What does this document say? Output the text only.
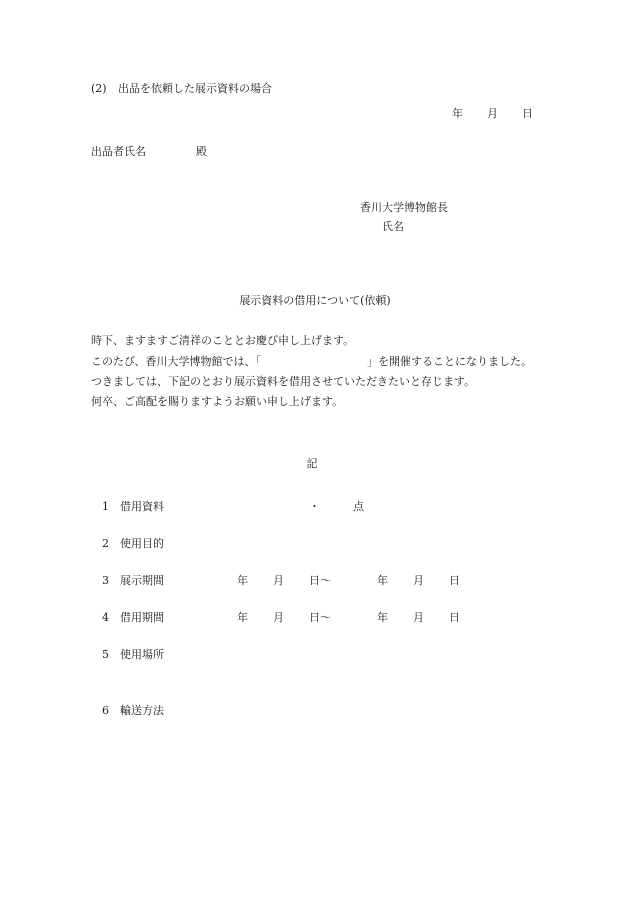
(2) 出品を依頼した展示資料の場合
年 月 日
出品者氏名	殿
香川大学博物館長
氏名
展示資料の借用について(依頼)
時下、ますますご清祥のこととお慶び申し上げます。
このたび、香川大学博物館では、「	」を開催することになりました。
つきましては、下記のとおり展示資料を借用させていただきたいと存じます。
何卒、ご高配を賜りますようお願い申し上げます。
記
1 借用資料	・	点
2 使用目的
3 展示期間	年 月 日～	年 月 日
4 借用期間	年 月 日～	年 月 日
5 使用場所
6 輸送方法
